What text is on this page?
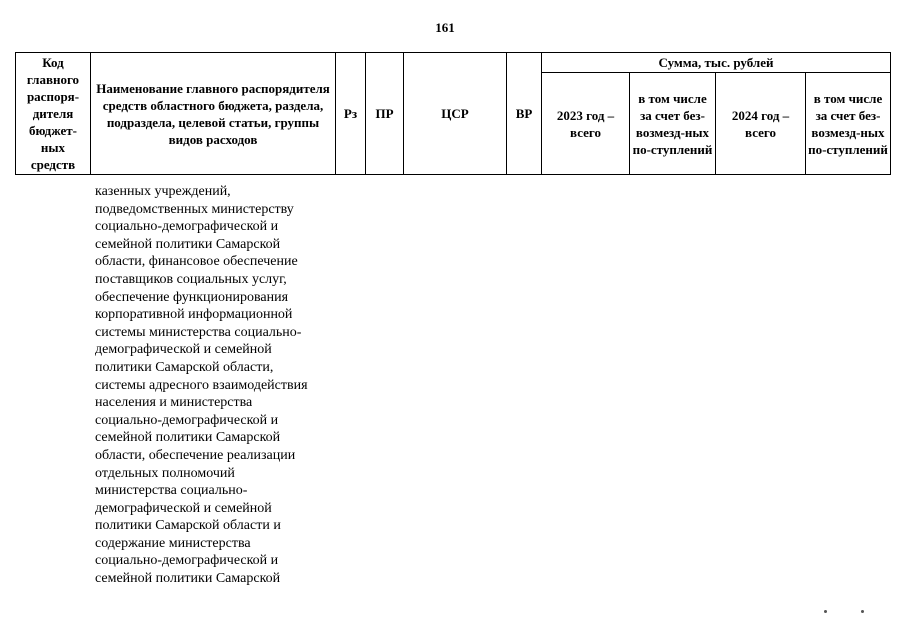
161
Код главного распоря-дителя бюджет-ных средств	Наименование главного распорядителя средств областного бюджета, раздела, подраздела, целевой статьи, группы видов расходов	Рз	ПР	ЦСР	ВР	Сумма, тыс. рублей			
						2023 год – всего	в том числе за счет без-возмезд-ных по-ступлений	2024 год – всего	в том числе за счет без-возмезд-ных по-ступлений
казенных учреждений,
подведомственных министерству
социально-демографической и
семейной политики Самарской
области, финансовое обеспечение
поставщиков социальных услуг,
обеспечение функционирования
корпоративной информационной
системы министерства социально-
демографической и семейной
политики Самарской области,
системы адресного взаимодействия
населения и министерства
социально-демографической и
семейной политики Самарской
области, обеспечение реализации
отдельных полномочий
министерства социально-
демографической и семейной
политики Самарской области и
содержание министерства
социально-демографической и
семейной политики Самарской
